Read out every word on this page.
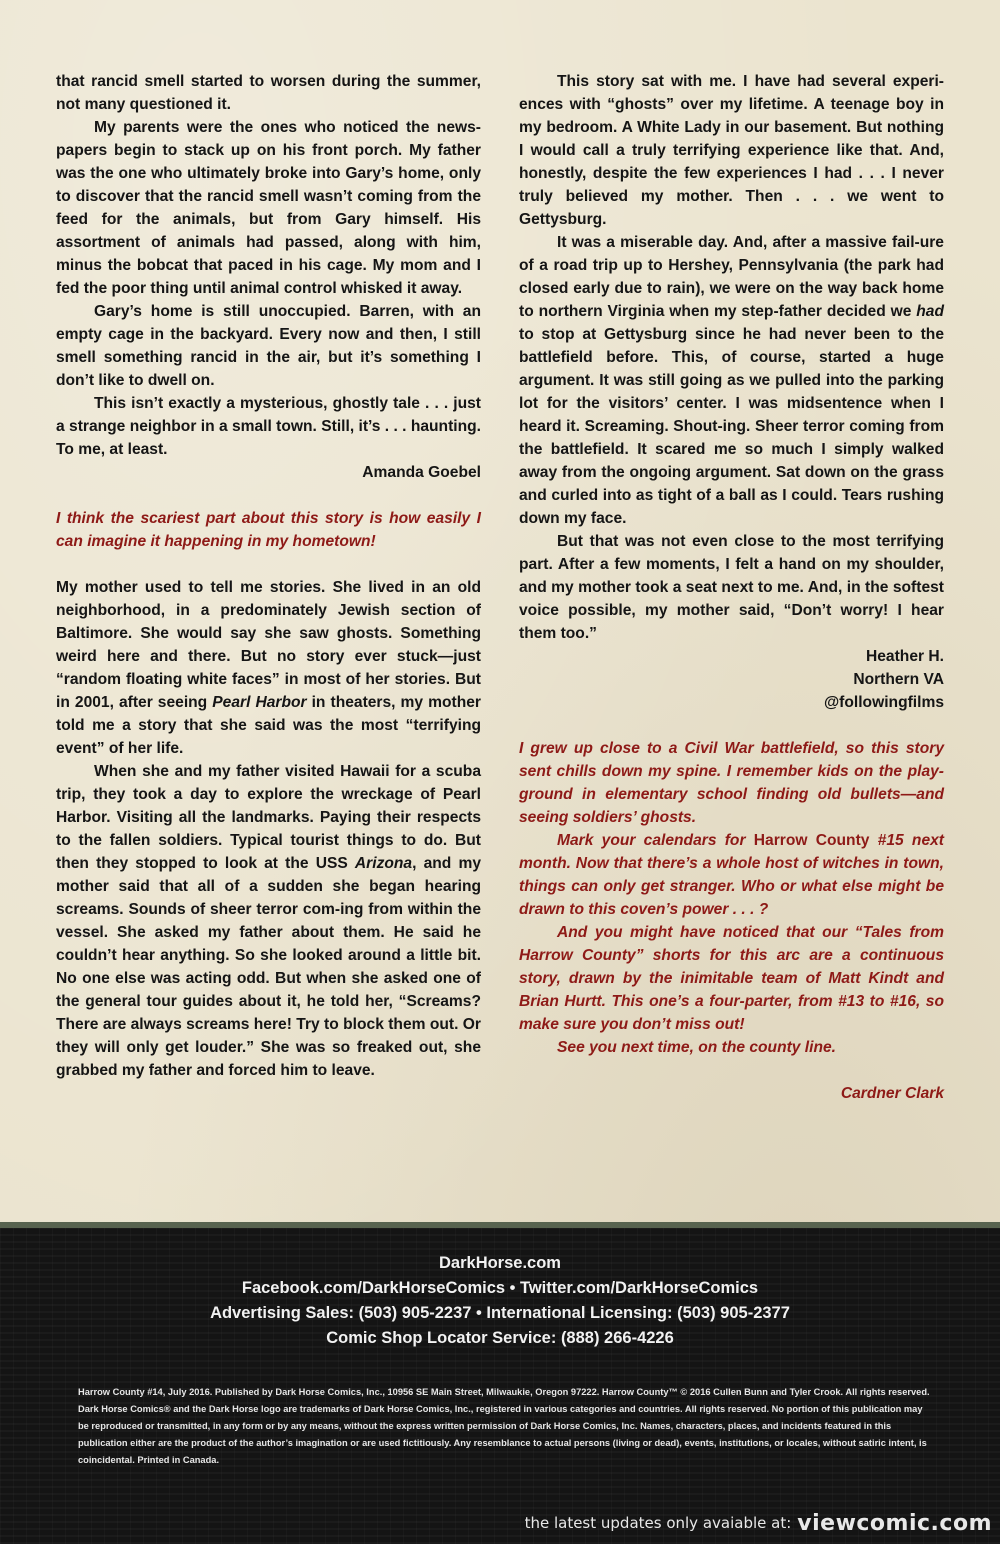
that rancid smell started to worsen during the summer, not many questioned it.

My parents were the ones who noticed the news-papers begin to stack up on his front porch. My father was the one who ultimately broke into Gary’s home, only to discover that the rancid smell wasn’t coming from the feed for the animals, but from Gary himself. His assortment of animals had passed, along with him, minus the bobcat that paced in his cage. My mom and I fed the poor thing until animal control whisked it away.

Gary’s home is still unoccupied. Barren, with an empty cage in the backyard. Every now and then, I still smell something rancid in the air, but it’s something I don’t like to dwell on.

This isn’t exactly a mysterious, ghostly tale . . . just a strange neighbor in a small town. Still, it’s . . . haunting. To me, at least.

Amanda Goebel

I think the scariest part about this story is how easily I can imagine it happening in my hometown!

My mother used to tell me stories. She lived in an old neighborhood, in a predominately Jewish section of Baltimore. She would say she saw ghosts. Something weird here and there. But no story ever stuck—just “random floating white faces” in most of her stories. But in 2001, after seeing Pearl Harbor in theaters, my mother told me a story that she said was the most “terrifying event” of her life.

When she and my father visited Hawaii for a scuba trip, they took a day to explore the wreckage of Pearl Harbor. Visiting all the landmarks. Paying their respects to the fallen soldiers. Typical tourist things to do. But then they stopped to look at the USS Arizona, and my mother said that all of a sudden she began hearing screams. Sounds of sheer terror com-ing from within the vessel. She asked my father about them. He said he couldn’t hear anything. So she looked around a little bit. No one else was acting odd. But when she asked one of the general tour guides about it, he told her, “Screams? There are always screams here! Try to block them out. Or they will only get louder.” She was so freaked out, she grabbed my father and forced him to leave.

This story sat with me. I have had several experi-ences with “ghosts” over my lifetime. A teenage boy in my bedroom. A White Lady in our basement. But nothing I would call a truly terrifying experience like that. And, honestly, despite the few experiences I had . . . I never truly believed my mother. Then . . . we went to Gettysburg.

It was a miserable day. And, after a massive fail-ure of a road trip up to Hershey, Pennsylvania (the park had closed early due to rain), we were on the way back home to northern Virginia when my step-father decided we had to stop at Gettysburg since he had never been to the battlefield before. This, of course, started a huge argument. It was still going as we pulled into the parking lot for the visitors’ center. I was midsentence when I heard it. Screaming. Shout-ing. Sheer terror coming from the battlefield. It scared me so much I simply walked away from the ongoing argument. Sat down on the grass and curled into as tight of a ball as I could. Tears rushing down my face.

But that was not even close to the most terrifying part. After a few moments, I felt a hand on my shoulder, and my mother took a seat next to me. And, in the softest voice possible, my mother said, “Don’t worry! I hear them too.”

Heather H.

Northern VA

@followingfilms

I grew up close to a Civil War battlefield, so this story sent chills down my spine. I remember kids on the play-ground in elementary school finding old bullets—and seeing soldiers’ ghosts.

Mark your calendars for Harrow County #15 next month. Now that there’s a whole host of witches in town, things can only get stranger. Who or what else might be drawn to this coven’s power . . . ?

And you might have noticed that our “Tales from Harrow County” shorts for this arc are a continuous story, drawn by the inimitable team of Matt Kindt and Brian Hurtt. This one’s a four-parter, from #13 to #16, so make sure you don’t miss out!

See you next time, on the county line.

Cardner Clark

DarkHorse.com
Facebook.com/DarkHorseComics • Twitter.com/DarkHorseComics
Advertising Sales: (503) 905-2237 • International Licensing: (503) 905-2377
Comic Shop Locator Service: (888) 266-4226
Harrow County #14, July 2016. Published by Dark Horse Comics, Inc., 10956 SE Main Street, Milwaukie, Oregon 97222. Harrow County™ © 2016 Cullen Bunn and Tyler Crook. All rights reserved. Dark Horse Comics® and the Dark Horse logo are trademarks of Dark Horse Comics, Inc., registered in various categories and countries. All rights reserved. No portion of this publication may be reproduced or transmitted, in any form or by any means, without the express written permission of Dark Horse Comics, Inc. Names, characters, places, and incidents featured in this publication either are the product of the author’s imagination or are used fictitiously. Any resemblance to actual persons (living or dead), events, institutions, or locales, without satiric intent, is coincidental. Printed in Canada.
the latest updates only avaiable at: viewcomic.com
